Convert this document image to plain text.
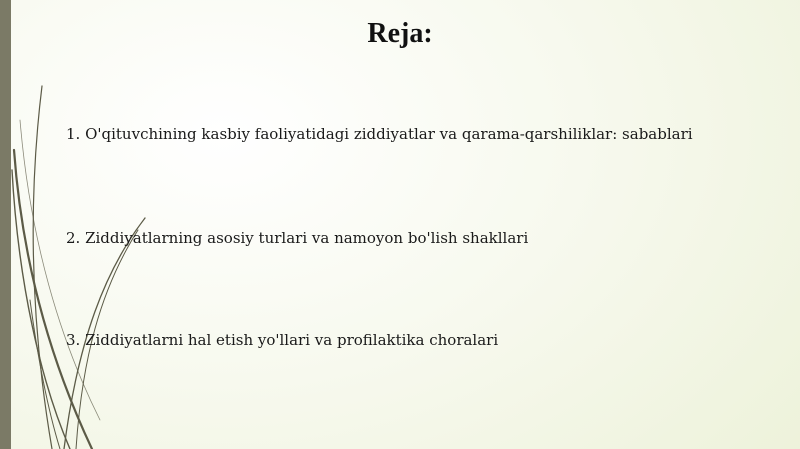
Reja:
1. O'qituvchining kasbiy faoliyatidagi ziddiyatlar va qarama-qarshiliklar: sabablari
2. Ziddiyatlarning asosiy turlari va namoyon bo'lish shakllari
3. Ziddiyatlarni hal etish yo'llari va profilaktika choralari
